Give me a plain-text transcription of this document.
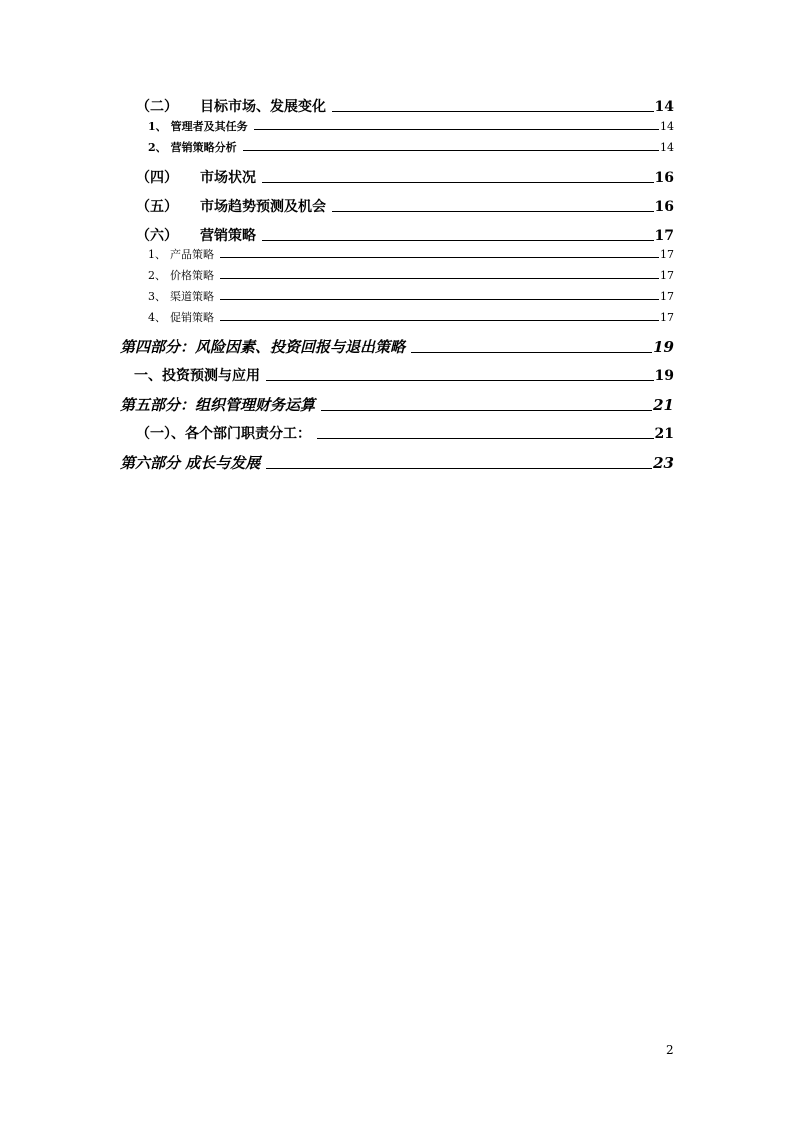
（二）	目标市场、发展变化	14
1、 管理者及其任务	14
2、 营销策略分析	14
（四）	市场状况	16
（五）	市场趋势预测及机会	16
（六）	营销策略	17
1、 产品策略	17
2、 价格策略	17
3、 渠道策略	17
4、 促销策略	17
第四部分：风险因素、投资回报与退出策略	19
一、投资预测与应用	19
第五部分：组织管理财务运算	21
（一）、各个部门职责分工：	21
第六部分 成长与发展	23
2
